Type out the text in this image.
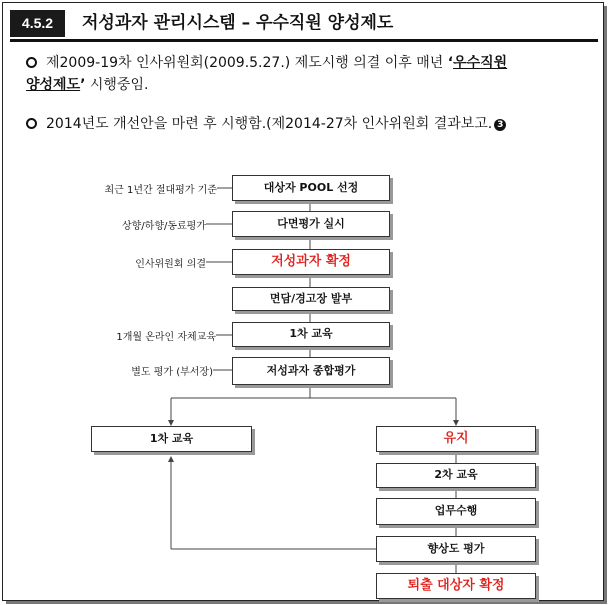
4.5.2	저성과자 관리시스템 – 우수직원 양성제도
제2009-19차 인사위원회(2009.5.27.) 제도시행 의결 이후 매년 ‘우수직원
양성제도’ 시행중임.
2014년도 개선안을 마련 후 시행함.(제2014-27차 인사위원회 결과보고. 3
최근 1년간 절대평가 기준
상향/하향/동료평가
인사위원회 의결
1개월 온라인 자체교육
별도 평가 (부서장)
대상자 POOL 선정
다면평가 실시
저성과자 확정
면담/경고장 발부
1차 교육
저성과자 종합평가
1차 교육	유지
2차 교육
업무수행
향상도 평가
퇴출 대상자 확정
